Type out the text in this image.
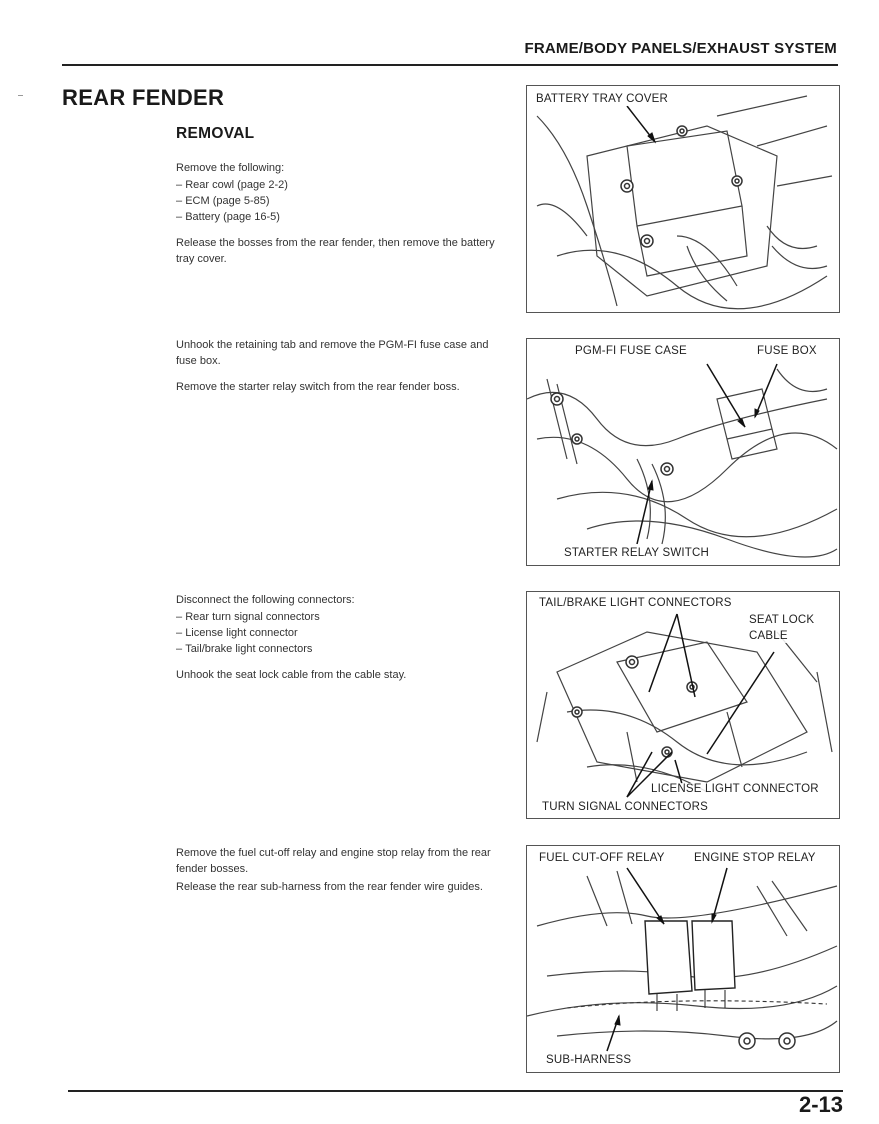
FRAME/BODY PANELS/EXHAUST SYSTEM
REAR FENDER
REMOVAL

Remove the following:

– Rear cowl (page 2-2)
– ECM (page 5-85)
– Battery (page 16-5)

Release the bosses from the rear fender, then remove the battery tray cover.

Unhook the retaining tab and remove the PGM-FI fuse case and fuse box.

Remove the starter relay switch from the rear fender boss.

Disconnect the following connectors:

– Rear turn signal connectors
– License light connector
– Tail/brake light connectors

Unhook the seat lock cable from the cable stay.

Remove the fuel cut-off relay and engine stop relay from the rear fender bosses.

Release the rear sub-harness from the rear fender wire guides.

BATTERY TRAY COVER
PGM-FI FUSE CASE	FUSE BOX
STARTER RELAY SWITCH
TAIL/BRAKE LIGHT CONNECTORS
SEAT LOCK
CABLE
LICENSE LIGHT CONNECTOR
TURN SIGNAL CONNECTORS
FUEL CUT-OFF RELAY	ENGINE STOP RELAY
SUB-HARNESS
2-13
